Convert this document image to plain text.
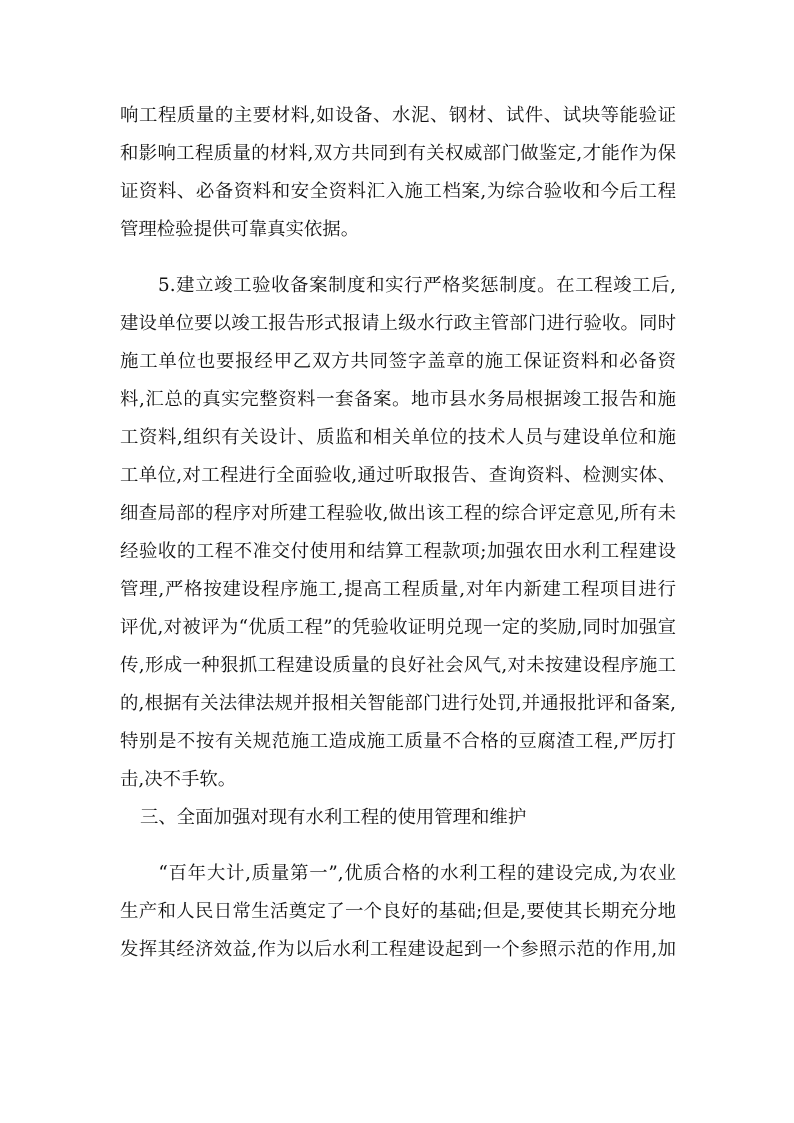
响工程质量的主要材料,如设备、水泥、钢材、试件、试块等能验证
和影响工程质量的材料,双方共同到有关权威部门做鉴定,才能作为保
证资料、必备资料和安全资料汇入施工档案,为综合验收和今后工程
管理检验提供可靠真实依据。
　　5.建立竣工验收备案制度和实行严格奖惩制度。在工程竣工后,
建设单位要以竣工报告形式报请上级水行政主管部门进行验收。同时
施工单位也要报经甲乙双方共同签字盖章的施工保证资料和必备资
料,汇总的真实完整资料一套备案。地市县水务局根据竣工报告和施
工资料,组织有关设计、质监和相关单位的技术人员与建设单位和施
工单位,对工程进行全面验收,通过听取报告、查询资料、检测实体、
细查局部的程序对所建工程验收,做出该工程的综合评定意见,所有未
经验收的工程不准交付使用和结算工程款项;加强农田水利工程建设
管理,严格按建设程序施工,提高工程质量,对年内新建工程项目进行
评优,对被评为“优质工程”的凭验收证明兑现一定的奖励,同时加强宣
传,形成一种狠抓工程建设质量的良好社会风气,对未按建设程序施工
的,根据有关法律法规并报相关智能部门进行处罚,并通报批评和备案,
特别是不按有关规范施工造成施工质量不合格的豆腐渣工程,严厉打
击,决不手软。
三、全面加强对现有水利工程的使用管理和维护
　　“百年大计,质量第一”,优质合格的水利工程的建设完成,为农业
生产和人民日常生活奠定了一个良好的基础;但是,要使其长期充分地
发挥其经济效益,作为以后水利工程建设起到一个参照示范的作用,加
